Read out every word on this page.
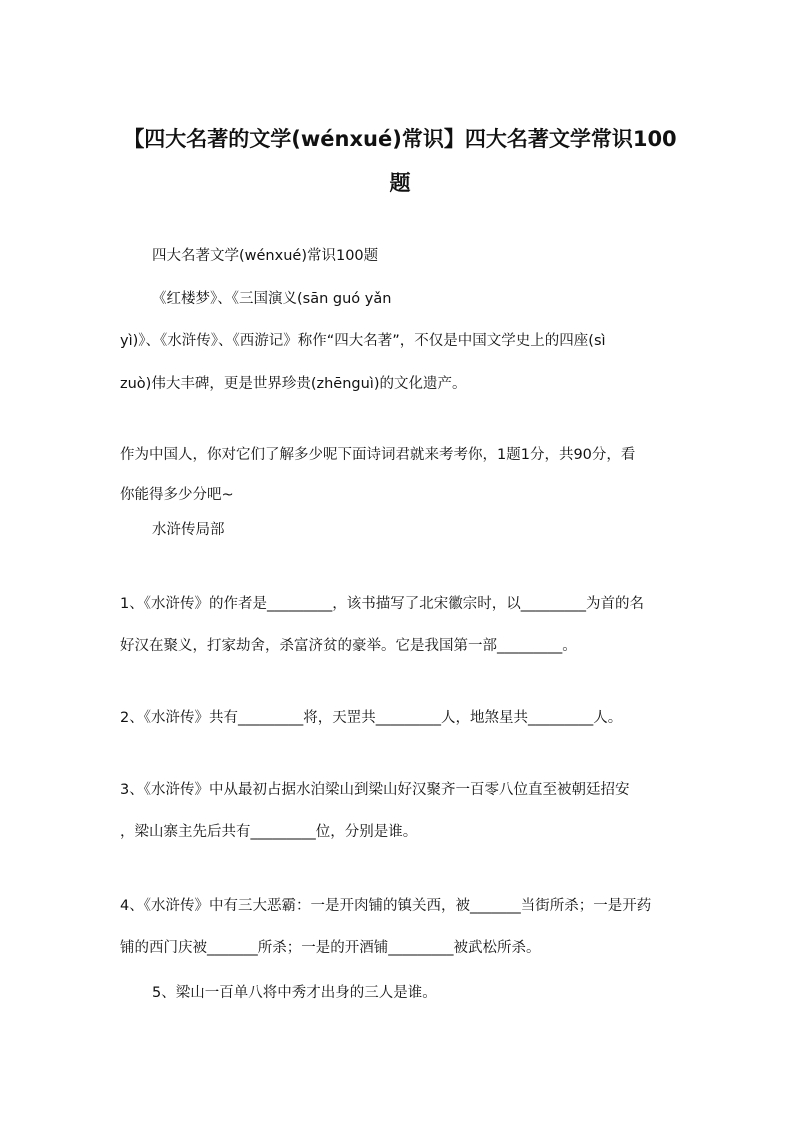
【四大名著的文学(wénxué)常识】四大名著文学常识100
题

四大名著文学(wénxué)常识100题

《红楼梦》、《三国演义(sān guó yǎn

yì)》、《水浒传》、《西游记》称作“四大名著”，不仅是中国文学史上的四座(sì

zuò)伟大丰碑，更是世界珍贵(zhēnguì)的文化遗产。

作为中国人，你对它们了解多少呢下面诗词君就来考考你，1题1分，共90分，看

你能得多少分吧~

水浒传局部

1、《水浒传》的作者是_________，该书描写了北宋徽宗时，以_________为首的名

好汉在聚义，打家劫舍，杀富济贫的豪举。它是我国第一部_________。

2、《水浒传》共有_________将，天罡共_________人，地煞星共_________人。

3、《水浒传》中从最初占据水泊梁山到梁山好汉聚齐一百零八位直至被朝廷招安

，梁山寨主先后共有_________位，分别是谁。

4、《水浒传》中有三大恶霸：一是开肉铺的镇关西，被_______当街所杀；一是开药

铺的西门庆被_______所杀；一是的开酒铺_________被武松所杀。

5、梁山一百单八将中秀才出身的三人是谁。
